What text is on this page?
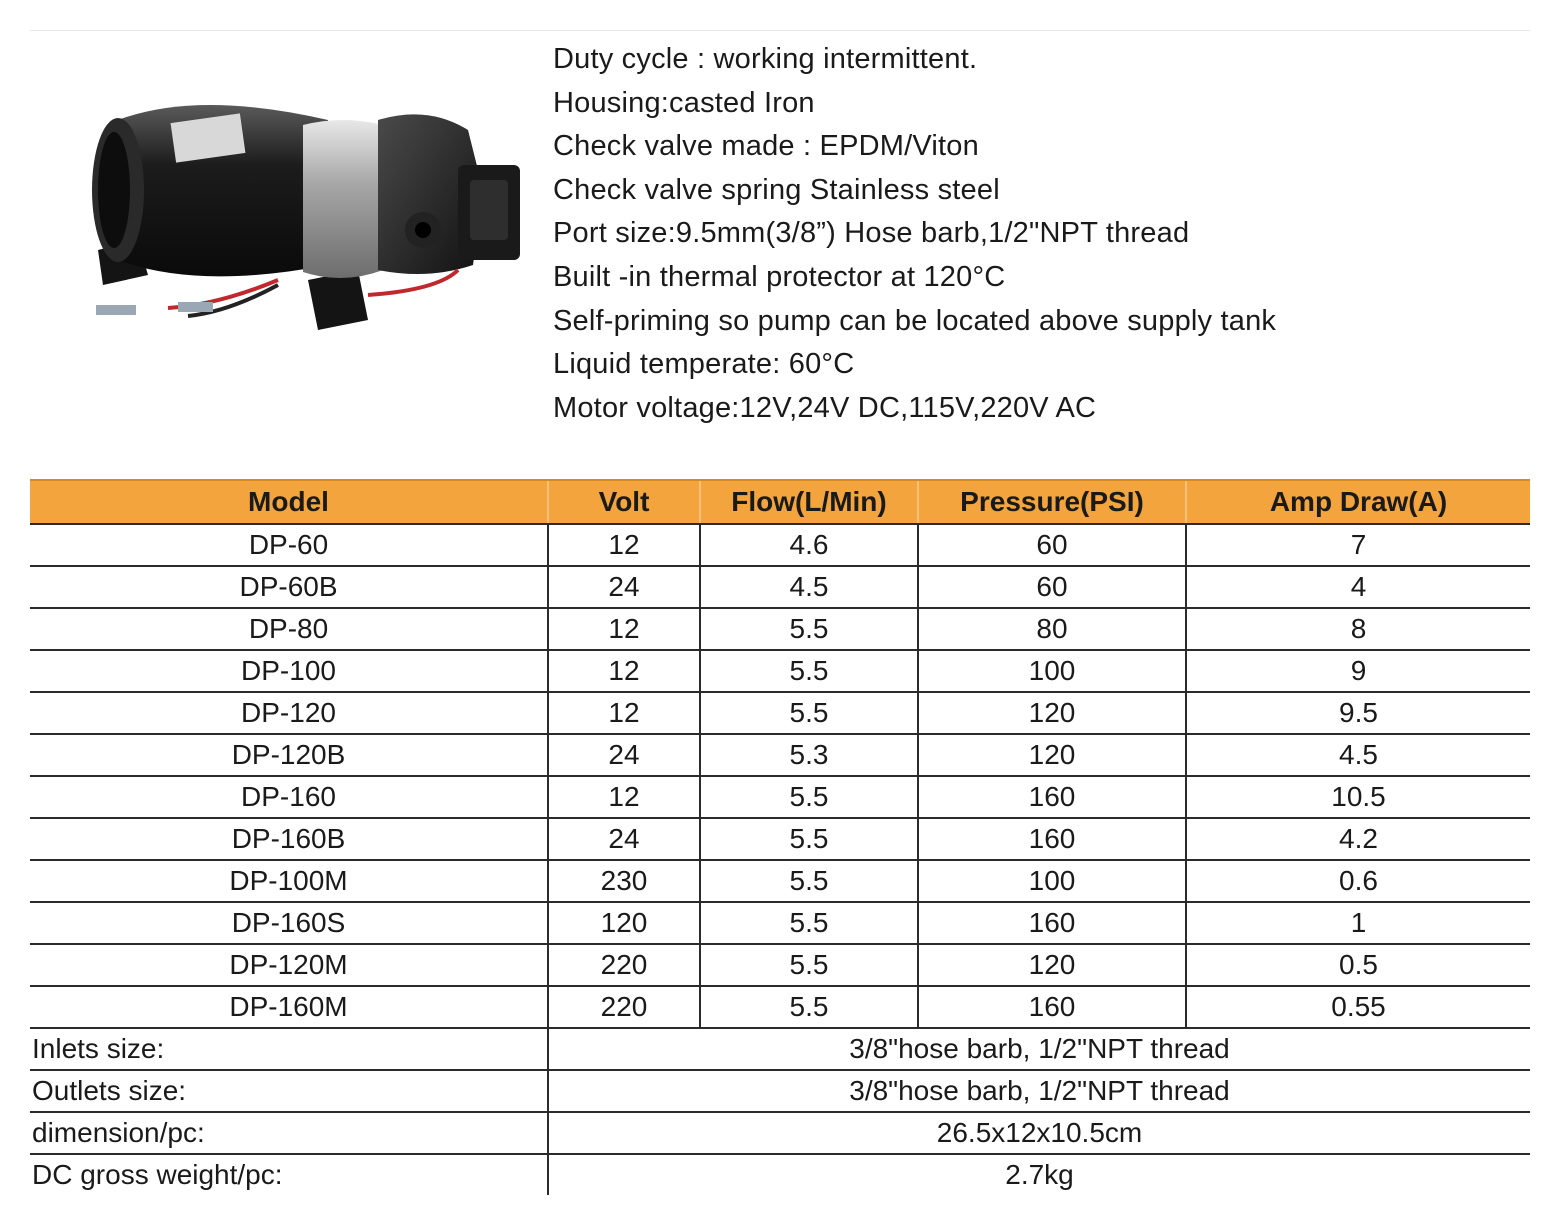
Duty cycle : working intermittent.
Housing:casted Iron
Check valve made : EPDM/Viton
Check valve spring Stainless steel
Port size:9.5mm(3/8”) Hose barb,1/2"NPT thread
Built -in thermal protector at 120°C
Self-priming so pump can be located above supply tank
Liquid temperate: 60°C
Motor voltage:12V,24V DC,115V,220V AC
Model	Volt	Flow(L/Min)	Pressure(PSI)	Amp Draw(A)
DP-60	12	4.6	60	7
DP-60B	24	4.5	60	4
DP-80	12	5.5	80	8
DP-100	12	5.5	100	9
DP-120	12	5.5	120	9.5
DP-120B	24	5.3	120	4.5
DP-160	12	5.5	160	10.5
DP-160B	24	5.5	160	4.2
DP-100M	230	5.5	100	0.6
DP-160S	120	5.5	160	1
DP-120M	220	5.5	120	0.5
DP-160M	220	5.5	160	0.55
Inlets size:	3/8"hose barb, 1/2"NPT thread			
Outlets size:	3/8"hose barb, 1/2"NPT thread			
dimension/pc:	26.5x12x10.5cm			
DC gross weight/pc:	2.7kg			
